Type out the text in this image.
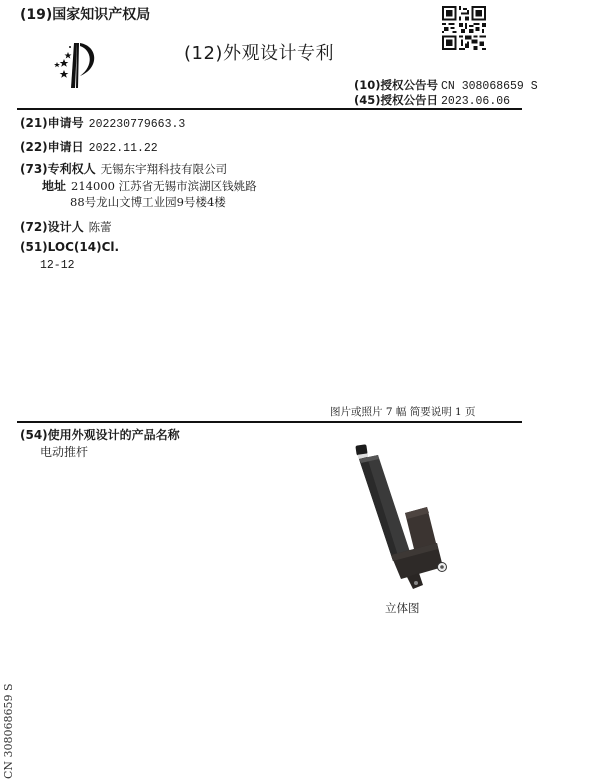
(19)国家知识产权局
(12)外观设计专利
(10)授权公告号 CN 308068659 S
(45)授权公告日 2023.06.06
(21)申请号 202230779663.3
(22)申请日 2022.11.22
(73)专利权人 无锡东宇翔科技有限公司
地址 214000 江苏省无锡市滨湖区钱姚路
88号龙山文博工业园9号楼4楼
(72)设计人 陈蕾
(51)LOC(14)Cl.
12-12
图片或照片 7 幅 简要说明 1 页
(54)使用外观设计的产品名称
电动推杆
立体图
CN 308068659 S
